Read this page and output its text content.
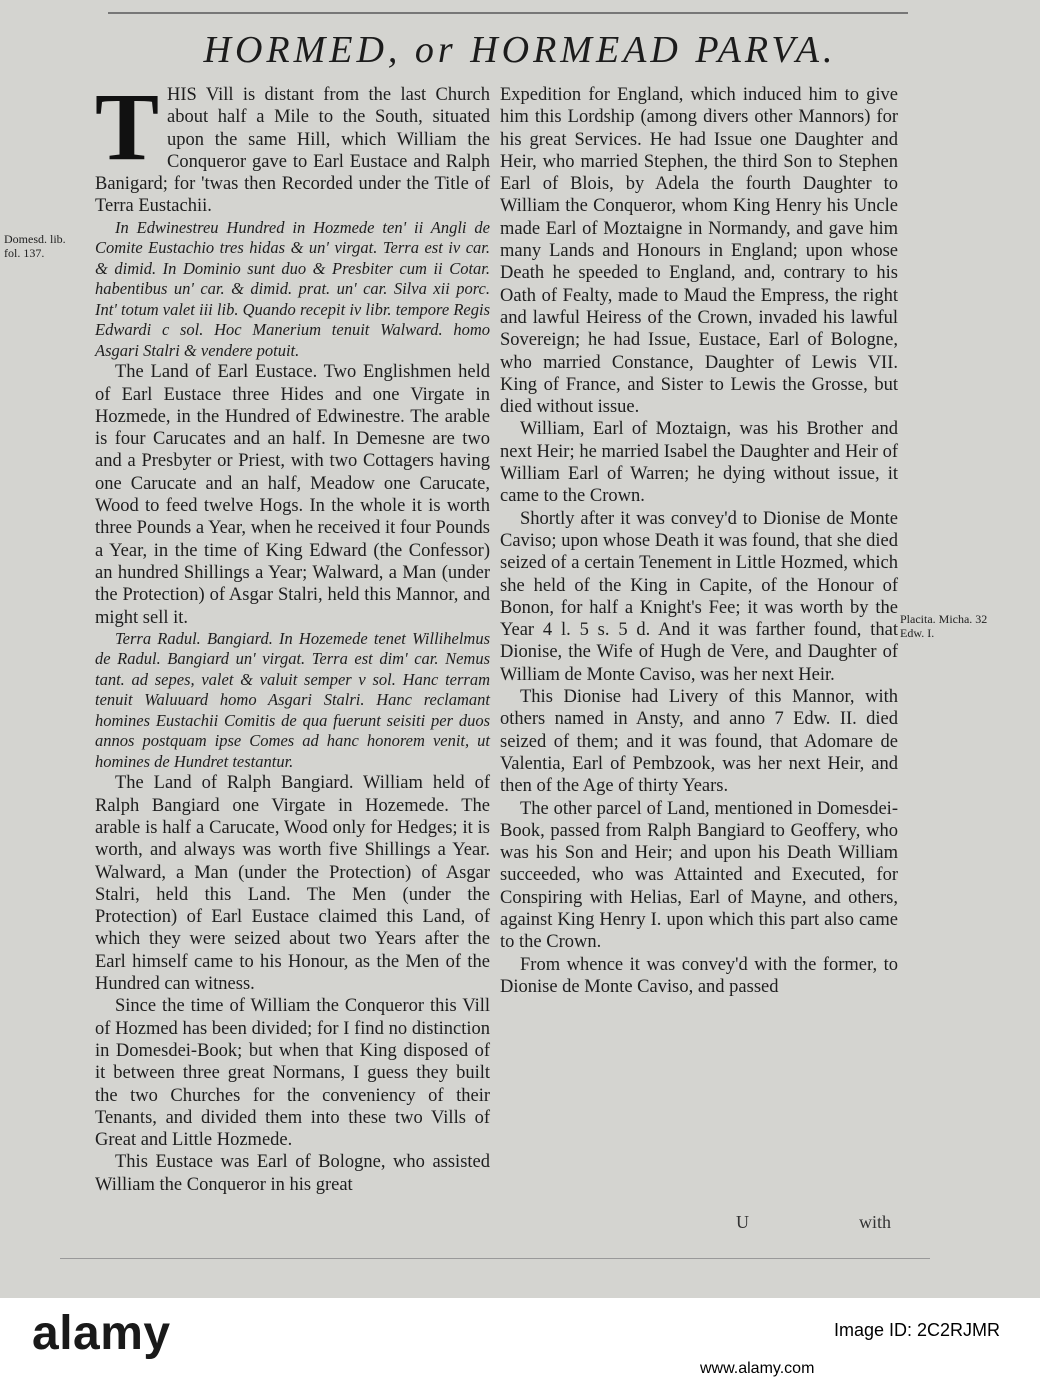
HORMED, or HORMEAD PARVA.
Domesd. lib. fol. 137.
Placita. Micha. 32 Edw. I.

THIS Vill is distant from the last Church about half a Mile to the South, situated upon the same Hill, which William the Conqueror gave to Earl Eustace and Ralph Banigard; for 'twas then Recorded under the Title of Terra Eustachii.

In Edwinestreu Hundred in Hozmede ten' ii Angli de Comite Eustachio tres hidas & un' virgat. Terra est iv car. & dimid. In Dominio sunt duo & Presbiter cum ii Cotar. habentibus un' car. & dimid. prat. un' car. Silva xii porc. Int' totum valet iii lib. Quando recepit iv libr. tempore Regis Edwardi c sol. Hoc Manerium tenuit Walward. homo Asgari Stalri & vendere potuit.

The Land of Earl Eustace. Two Englishmen held of Earl Eustace three Hides and one Virgate in Hozmede, in the Hundred of Edwinestre. The arable is four Carucates and an half. In Demesne are two and a Presbyter or Priest, with two Cottagers having one Carucate and an half, Meadow one Carucate, Wood to feed twelve Hogs. In the whole it is worth three Pounds a Year, when he received it four Pounds a Year, in the time of King Edward (the Confessor) an hundred Shillings a Year; Walward, a Man (under the Protection) of Asgar Stalri, held this Mannor, and might sell it.

Terra Radul. Bangiard. In Hozemede tenet Willihelmus de Radul. Bangiard un' virgat. Terra est dim' car. Nemus tant. ad sepes, valet & valuit semper v sol. Hanc terram tenuit Waluuard homo Asgari Stalri. Hanc reclamant homines Eustachii Comitis de qua fuerunt seisiti per duos annos postquam ipse Comes ad hanc honorem venit, ut homines de Hundret testantur.

The Land of Ralph Bangiard. William held of Ralph Bangiard one Virgate in Hozemede. The arable is half a Carucate, Wood only for Hedges; it is worth, and always was worth five Shillings a Year. Walward, a Man (under the Protection) of Asgar Stalri, held this Land. The Men (under the Protection) of Earl Eustace claimed this Land, of which they were seized about two Years after the Earl himself came to his Honour, as the Men of the Hundred can witness.

Since the time of William the Conqueror this Vill of Hozmed has been divided; for I find no distinction in Domesdei-Book; but when that King disposed of it between three great Normans, I guess they built the two Churches for the conveniency of their Tenants, and divided them into these two Vills of Great and Little Hozmede.

This Eustace was Earl of Bologne, who assisted William the Conqueror in his great

Expedition for England, which induced him to give him this Lordship (among divers other Mannors) for his great Services. He had Issue one Daughter and Heir, who married Stephen, the third Son to Stephen Earl of Blois, by Adela the fourth Daughter to William the Conqueror, whom King Henry his Uncle made Earl of Moztaigne in Normandy, and gave him many Lands and Honours in England; upon whose Death he speeded to England, and, contrary to his Oath of Fealty, made to Maud the Empress, the right and lawful Heiress of the Crown, invaded his lawful Sovereign; he had Issue, Eustace, Earl of Bologne, who married Constance, Daughter of Lewis VII. King of France, and Sister to Lewis the Grosse, but died without issue.

William, Earl of Moztaign, was his Brother and next Heir; he married Isabel the Daughter and Heir of William Earl of Warren; he dying without issue, it came to the Crown.

Shortly after it was convey'd to Dionise de Monte Caviso; upon whose Death it was found, that she died seized of a certain Tenement in Little Hozmed, which she held of the King in Capite, of the Honour of Bonon, for half a Knight's Fee; it was worth by the Year 4 l. 5 s. 5 d. And it was farther found, that Dionise, the Wife of Hugh de Vere, and Daughter of William de Monte Caviso, was her next Heir.

This Dionise had Livery of this Mannor, with others named in Ansty, and anno 7 Edw. II. died seized of them; and it was found, that Adomare de Valentia, Earl of Pembzook, was her next Heir, and then of the Age of thirty Years.

The other parcel of Land, mentioned in Domesdei-Book, passed from Ralph Bangiard to Geoffery, who was his Son and Heir; and upon his Death William succeeded, who was Attainted and Executed, for Conspiring with Helias, Earl of Mayne, and others, against King Henry I. upon which this part also came to the Crown.

From whence it was convey'd with the former, to Dionise de Monte Caviso, and passed

U	with
alamy	Image ID: 2C2RJMR
www.alamy.com
